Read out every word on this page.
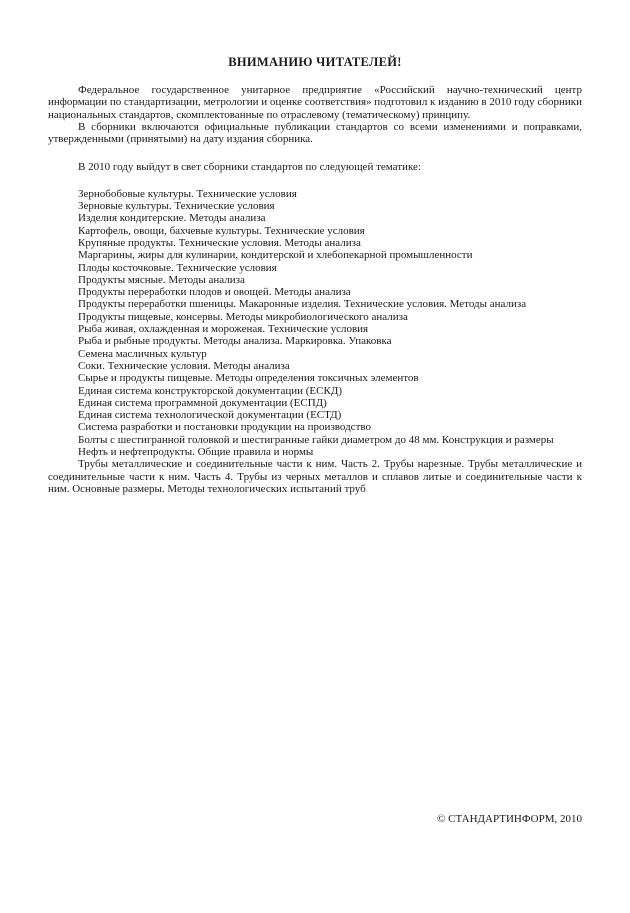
ВНИМАНИЮ ЧИТАТЕЛЕЙ!

Федеральное государственное унитарное предприятие «Российский научно-технический центр информации по стандартизации, метрологии и оценке соответствия» подготовил к изданию в 2010 году сборники национальных стандартов, скомплектованные по отраслевому (тематическому) принципу.

В сборники включаются официальные публикации стандартов со всеми изменениями и поправками, утвержденными (принятыми) на дату издания сборника.

В 2010 году выйдут в свет сборники стандартов по следующей тематике:

Зернобобовые культуры. Технические условия
Зерновые культуры. Технические условия
Изделия кондитерские. Методы анализа
Картофель, овощи, бахчевые культуры. Технические условия
Крупяные продукты. Технические условия. Методы анализа
Маргарины, жиры для кулинарии, кондитерской и хлебопекарной промышленности
Плоды косточковые. Технические условия
Продукты мясные. Методы анализа
Продукты переработки плодов и овощей. Методы анализа
Продукты переработки пшеницы. Макаронные изделия. Технические условия. Методы анализа
Продукты пищевые, консервы. Методы микробиологического анализа
Рыба живая, охлажденная и мороженая. Технические условия
Рыба и рыбные продукты. Методы анализа. Маркировка. Упаковка
Семена масличных культур
Соки. Технические условия. Методы анализа
Сырье и продукты пищевые. Методы определения токсичных элементов
Единая система конструкторской документации (ЕСКД)
Единая система программной документации (ЕСПД)
Единая система технологической документации (ЕСТД)
Система разработки и постановки продукции на производство
Болты с шестигранной головкой и шестигранные гайки диаметром до 48 мм. Конструкция и размеры
Нефть и нефтепродукты. Общие правила и нормы
Трубы металлические и соединительные части к ним. Часть 2. Трубы нарезные. Трубы металлические и соединительные части к ним. Часть 4. Трубы из черных металлов и сплавов литые и соединительные части к ним. Основные размеры. Методы технологических испытаний труб
© СТАНДАРТИНФОРМ, 2010
